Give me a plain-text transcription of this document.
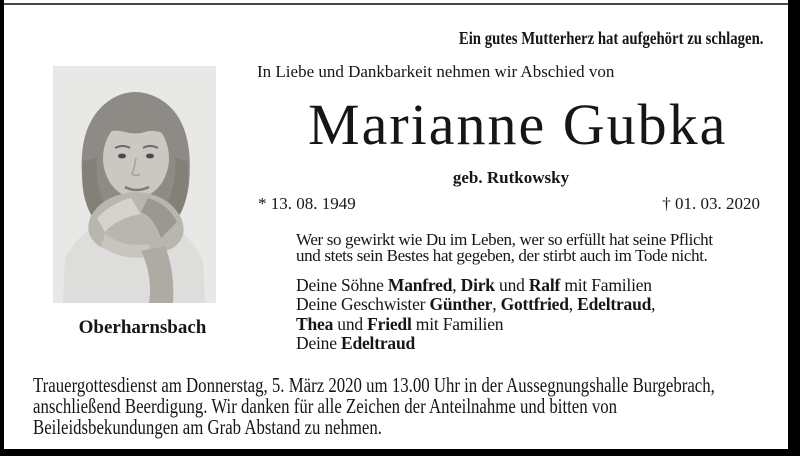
Ein gutes Mutterherz hat aufgehört zu schlagen.
Oberharnsbach
In Liebe und Dankbarkeit nehmen wir Abschied von
Marianne Gubka
geb. Rutkowsky
* 13. 08. 1949	† 01. 03. 2020
Wer so gewirkt wie Du im Leben, wer so erfüllt hat seine Pflicht
und stets sein Bestes hat gegeben, der stirbt auch im Tode nicht.
Deine Söhne Manfred, Dirk und Ralf mit Familien
Deine Geschwister Günther, Gottfried, Edeltraud,
Thea und Friedl mit Familien
Deine Edeltraud
Trauergottesdienst am Donnerstag, 5. März 2020 um 13.00 Uhr in der Aussegnungshalle Burgebrach,
anschließend Beerdigung. Wir danken für alle Zeichen der Anteilnahme und bitten von
Beileidsbekundungen am Grab Abstand zu nehmen.
